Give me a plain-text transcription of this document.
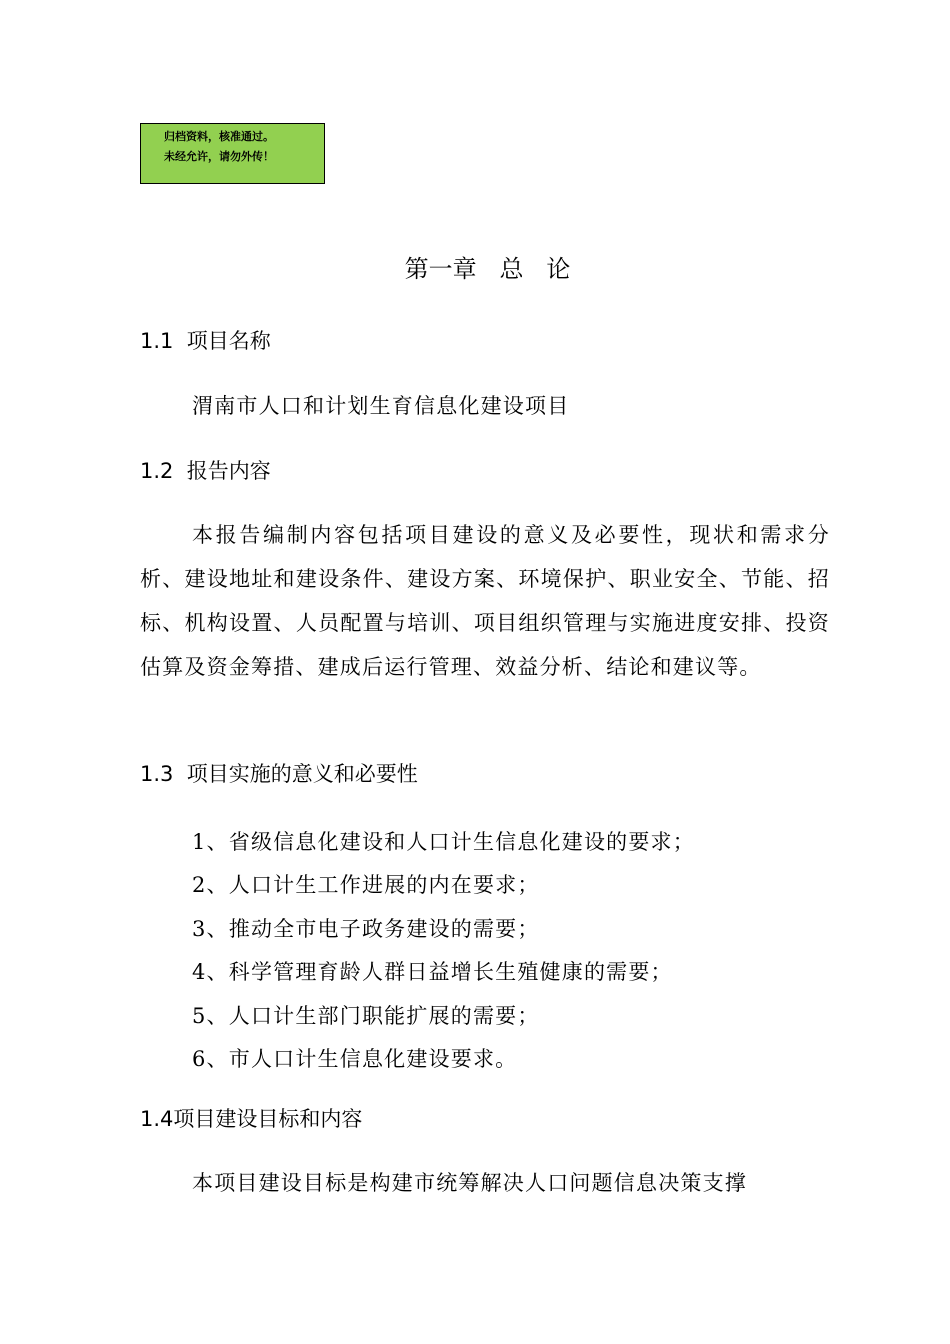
归档资料，核准通过。
未经允许，请勿外传！
第一章   总   论
1.1  项目名称
渭南市人口和计划生育信息化建设项目
1.2  报告内容
本报告编制内容包括项目建设的意义及必要性，现状和需求分析、建设地址和建设条件、建设方案、环境保护、职业安全、节能、招标、机构设置、人员配置与培训、项目组织管理与实施进度安排、投资估算及资金筹措、建成后运行管理、效益分析、结论和建议等。
1.3  项目实施的意义和必要性
1、省级信息化建设和人口计生信息化建设的要求；
2、人口计生工作进展的内在要求；
3、推动全市电子政务建设的需要；
4、科学管理育龄人群日益增长生殖健康的需要；
5、人口计生部门职能扩展的需要；
6、市人口计生信息化建设要求。
1.4项目建设目标和内容
本项目建设目标是构建市统筹解决人口问题信息决策支撑
